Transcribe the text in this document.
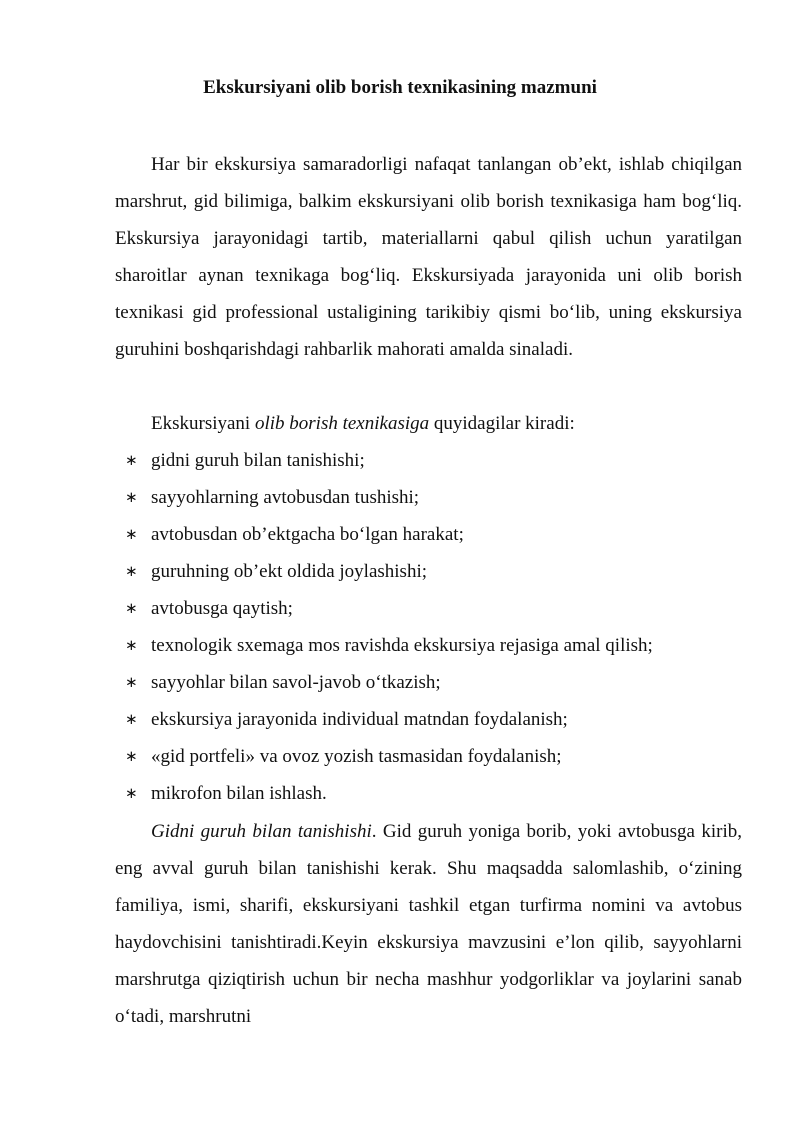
Ekskursiyani olib borish texnikasining mazmuni

Har bir ekskursiya samaradorligi nafaqat tanlangan ob’ekt, ishlab chiqilgan marshrut, gid bilimiga, balkim ekskursiyani olib borish texnikasiga ham bog‘liq. Ekskursiya jarayonidagi tartib, materiallarni qabul qilish uchun yaratilgan sharoitlar aynan texnikaga bog‘liq. Ekskursiyada jarayonida uni olib borish texnikasi gid professional ustaligining tarikibiy qismi bo‘lib, uning ekskursiya guruhini boshqarishdagi rahbarlik mahorati amalda sinaladi.

Ekskursiyani olib borish texnikasiga quyidagilar kiradi:

∗ gidni guruh bilan tanishishi;
∗ sayyohlarning avtobusdan tushishi;
∗ avtobusdan ob’ektgacha bo‘lgan harakat;
∗ guruhning ob’ekt oldida joylashishi;
∗ avtobusga qaytish;
∗ texnologik sxemaga mos ravishda ekskursiya rejasiga amal qilish;
∗ sayyohlar bilan savol-javob o‘tkazish;
∗ ekskursiya jarayonida individual matndan foydalanish;
∗ «gid portfeli» va ovoz yozish tasmasidan foydalanish;
∗ mikrofon bilan ishlash.

Gidni guruh bilan tanishishi. Gid guruh yoniga borib, yoki avtobusga kirib, eng avval guruh bilan tanishishi kerak. Shu maqsadda salomlashib, o‘zining familiya, ismi, sharifi, ekskursiyani tashkil etgan turfirma nomini va avtobus haydovchisini tanishtiradi.Keyin ekskursiya mavzusini e’lon qilib, sayyohlarni marshrutga qiziqtirish uchun bir necha mashhur yodgorliklar va joylarini sanab o‘tadi, marshrutni
